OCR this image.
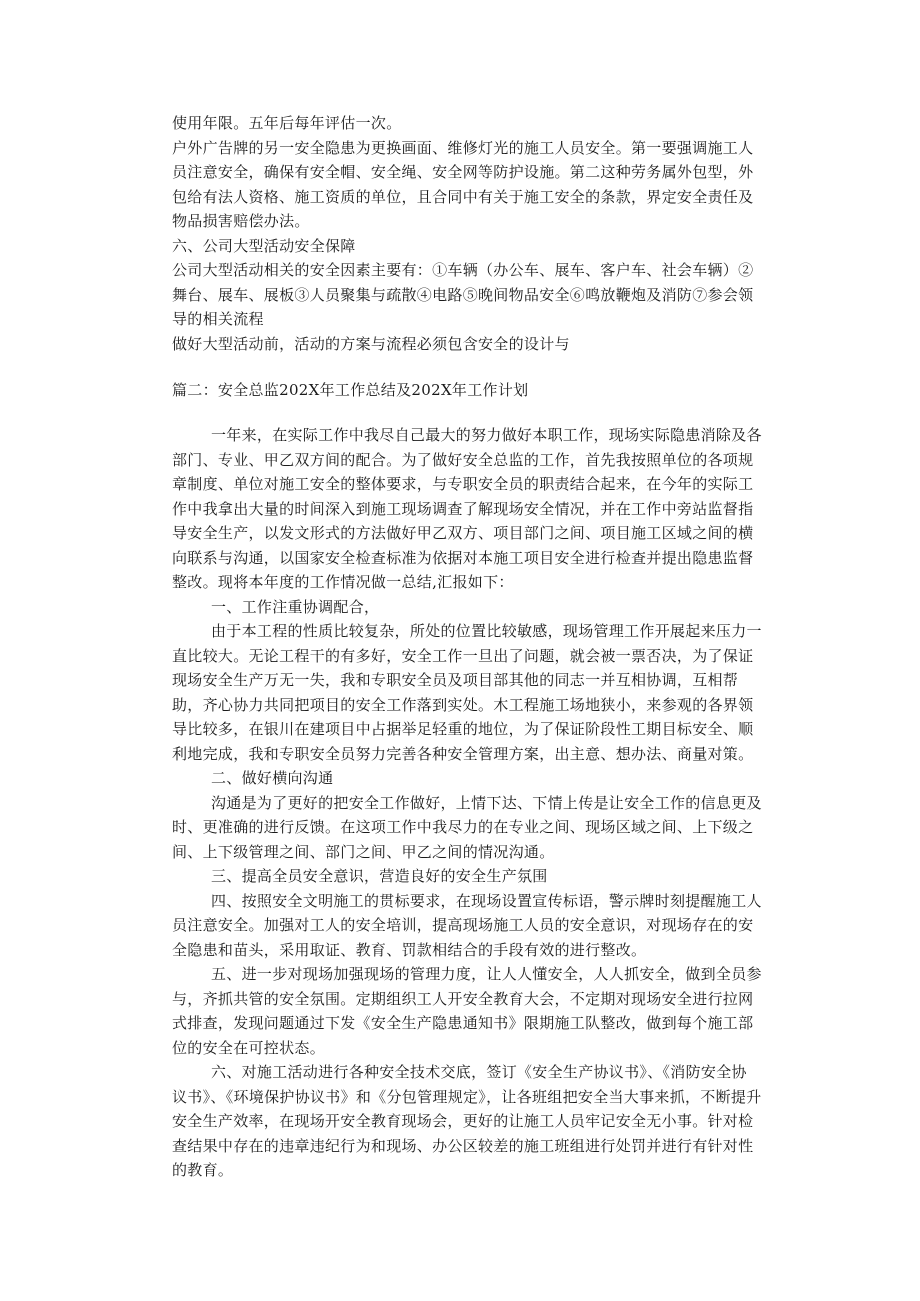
使用年限。五年后每年评估一次。

户外广告牌的另一安全隐患为更换画面、维修灯光的施工人员安全。第一要强调施工人员注意安全，确保有安全帽、安全绳、安全网等防护设施。第二这种劳务属外包型，外包给有法人资格、施工资质的单位，且合同中有关于施工安全的条款，界定安全责任及物品损害赔偿办法。

六、公司大型活动安全保障

公司大型活动相关的安全因素主要有：①车辆（办公车、展车、客户车、社会车辆）②舞台、展车、展板③人员聚集与疏散④电路⑤晚间物品安全⑥鸣放鞭炮及消防⑦参会领导的相关流程

做好大型活动前，活动的方案与流程必须包含安全的设计与

篇二：安全总监202X年工作总结及202X年工作计划

一年来，在实际工作中我尽自己最大的努力做好本职工作，现场实际隐患消除及各部门、专业、甲乙双方间的配合。为了做好安全总监的工作，首先我按照单位的各项规章制度、单位对施工安全的整体要求，与专职安全员的职责结合起来，在今年的实际工作中我拿出大量的时间深入到施工现场调查了解现场安全情况，并在工作中旁站监督指导安全生产，以发文形式的方法做好甲乙双方、项目部门之间、项目施工区域之间的横向联系与沟通，以国家安全检查标准为依据对本施工项目安全进行检查并提出隐患监督整改。现将本年度的工作情况做一总结,汇报如下：

一、工作注重协调配合，

由于本工程的性质比较复杂，所处的位置比较敏感，现场管理工作开展起来压力一直比较大。无论工程干的有多好，安全工作一旦出了问题，就会被一票否决，为了保证现场安全生产万无一失，我和专职安全员及项目部其他的同志一并互相协调，互相帮助，齐心协力共同把项目的安全工作落到实处。木工程施工场地狭小，来参观的各界领导比较多，在银川在建项目中占据举足轻重的地位，为了保证阶段性工期目标安全、顺利地完成，我和专职安全员努力完善各种安全管理方案，出主意、想办法、商量对策。

二、做好横向沟通

沟通是为了更好的把安全工作做好，上情下达、下情上传是让安全工作的信息更及时、更准确的进行反馈。在这项工作中我尽力的在专业之间、现场区域之间、上下级之间、上下级管理之间、部门之间、甲乙之间的情况沟通。

三、提高全员安全意识，营造良好的安全生产氛围

四、按照安全文明施工的贯标要求，在现场设置宣传标语，警示牌时刻提醒施工人员注意安全。加强对工人的安全培训，提高现场施工人员的安全意识，对现场存在的安全隐患和苗头，采用取证、教育、罚款相结合的手段有效的进行整改。

五、进一步对现场加强现场的管理力度，让人人懂安全，人人抓安全，做到全员参与，齐抓共管的安全氛围。定期组织工人开安全教育大会，不定期对现场安全进行拉网式排查，发现问题通过下发《安全生产隐患通知书》限期施工队整改，做到每个施工部位的安全在可控状态。

六、对施工活动进行各种安全技术交底，签订《安全生产协议书》、《消防安全协议书》、《环境保护协议书》和《分包管理规定》，让各班组把安全当大事来抓，不断提升安全生产效率，在现场开安全教育现场会，更好的让施工人员牢记安全无小事。针对检查结果中存在的违章违纪行为和现场、办公区较差的施工班组进行处罚并进行有针对性的教育。
